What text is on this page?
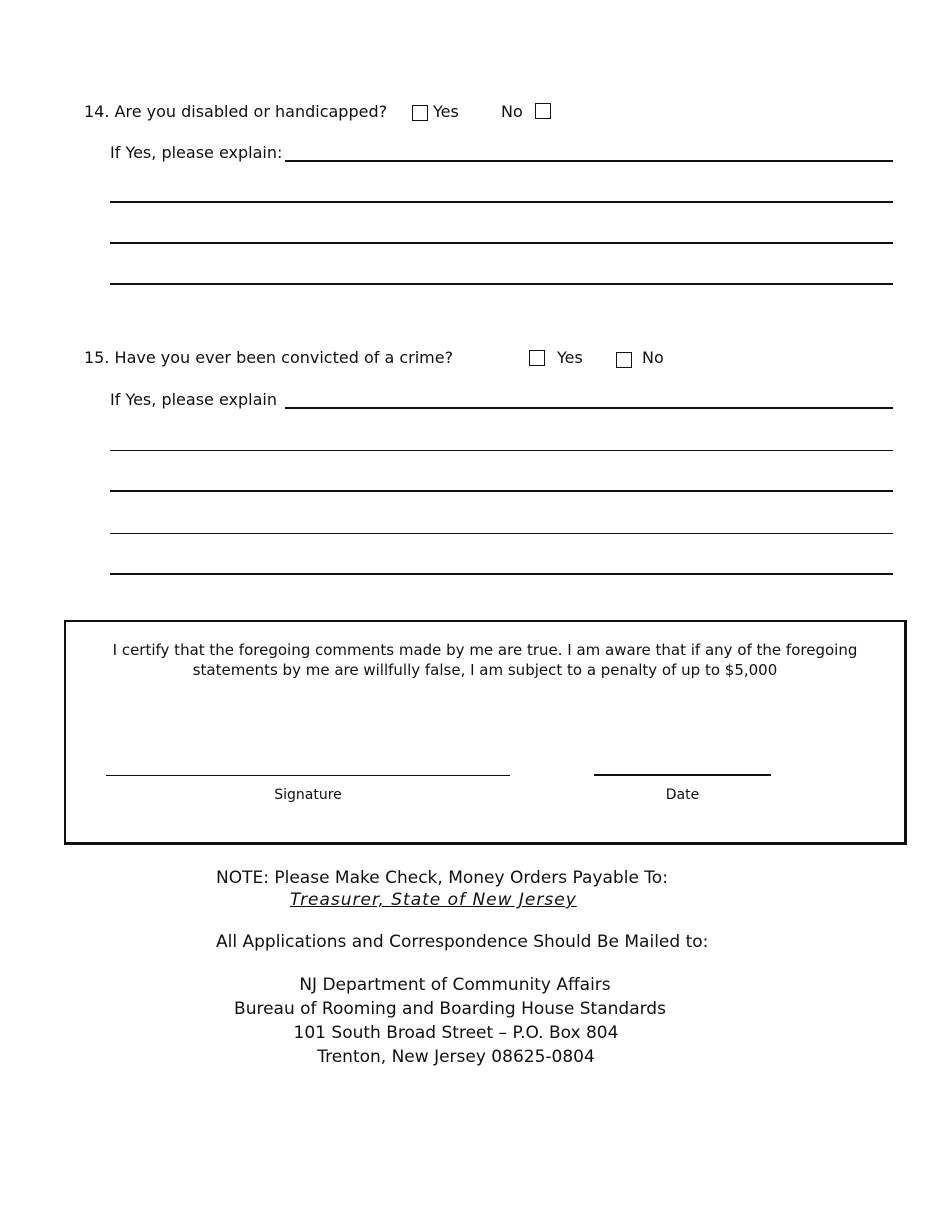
14. Are you disabled or handicapped?	Yes	No
If Yes, please explain:
15. Have you ever been convicted of a crime?	Yes	No
If Yes, please explain
I certify that the foregoing comments made by me are true. I am aware that if any of the foregoing
statements by me are willfully false, I am subject to a penalty of up to $5,000
Signature	Date
NOTE: Please Make Check, Money Orders Payable To:
Treasurer, State of New Jersey
All Applications and Correspondence Should Be Mailed to:
NJ Department of Community Affairs
Bureau of Rooming and Boarding House Standards
101 South Broad Street – P.O. Box 804
Trenton, New Jersey 08625-0804
